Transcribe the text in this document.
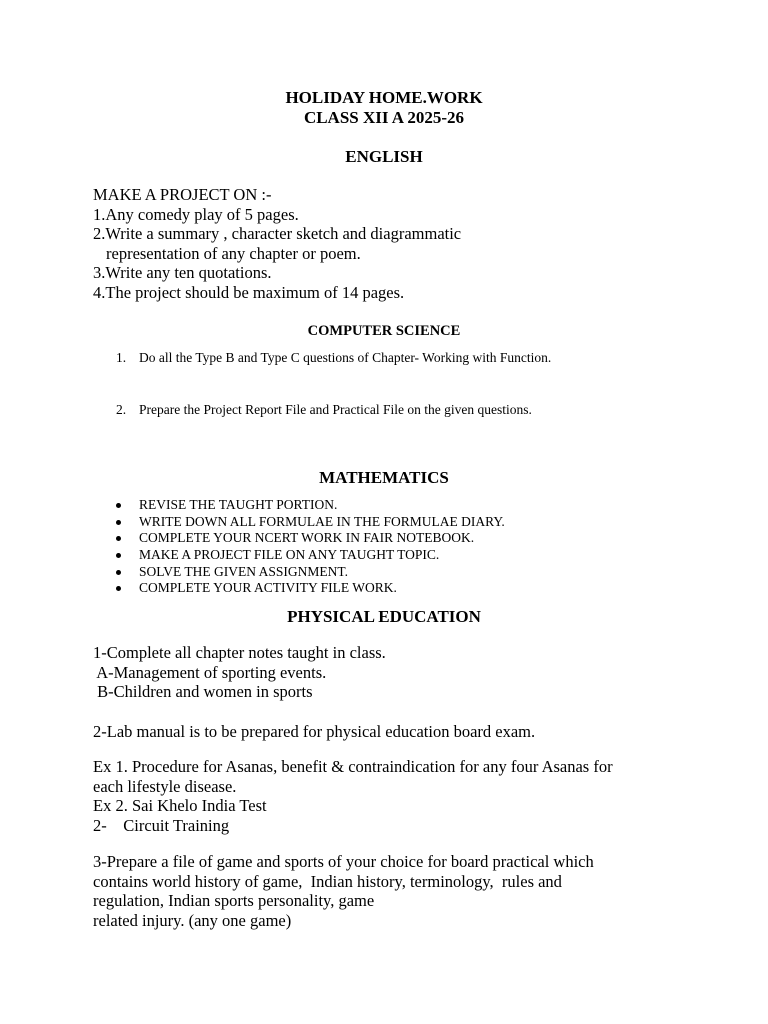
HOLIDAY HOME.WORK
CLASS XII A 2025-26
ENGLISH
MAKE A PROJECT ON :-
1.Any comedy play of 5 pages.
2.Write a summary , character sketch and diagrammatic
representation of any chapter or poem.
3.Write any ten quotations.
4.The project should be maximum of 14 pages.
COMPUTER SCIENCE
1. Do all the Type B and Type C questions of Chapter- Working with Function.
2. Prepare the Project Report File and Practical File on the given questions.
MATHEMATICS
REVISE THE TAUGHT PORTION.
WRITE DOWN ALL FORMULAE IN THE FORMULAE DIARY.
COMPLETE YOUR NCERT WORK IN FAIR NOTEBOOK.
MAKE A PROJECT FILE ON ANY TAUGHT TOPIC.
SOLVE THE GIVEN ASSIGNMENT.
COMPLETE YOUR ACTIVITY FILE WORK.
PHYSICAL EDUCATION
1-Complete all chapter notes taught in class.
A-Management of sporting events.
B-Children and women in sports
2-Lab manual is to be prepared for physical education board exam.
Ex 1. Procedure for Asanas, benefit & contraindication for any four Asanas for
each lifestyle disease.
Ex 2. Sai Khelo India Test
2-    Circuit Training
3-Prepare a file of game and sports of your choice for board practical which
contains world history of game,  Indian history, terminology,  rules and
regulation, Indian sports personality, game
related injury. (any one game)
